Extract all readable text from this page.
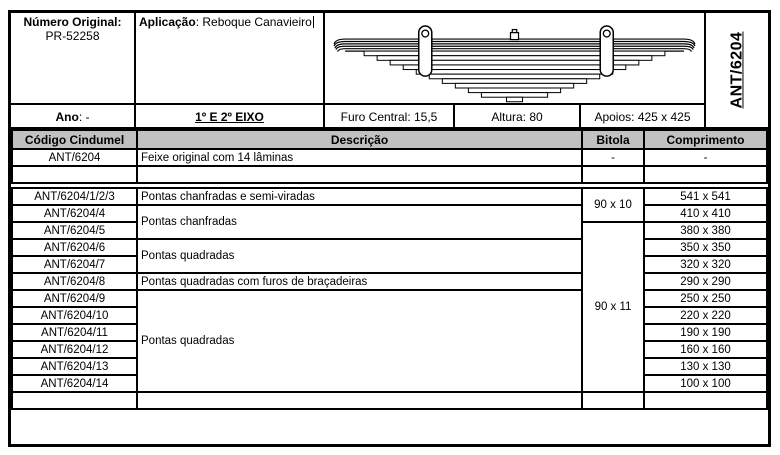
Número Original:
PR-52258
Aplicação: Reboque Canavieiro
Ano : -	1º E 2º EIXO	Furo Central: 15,5	Altura: 80	Apoios: 425 x 425
ANT/6204
Código Cindumel	Descrição	Bitola	Comprimento
ANT/6204	Feixe original com 14 lâminas	-	-

ANT/6204/1/2/3	Pontas chanfradas e semi-viradas	90 x 10	541 x 541
ANT/6204/4	Pontas chanfradas		410 x 410
ANT/6204/5		90 x 11	380 x 380
ANT/6204/6	Pontas quadradas		350 x 350
ANT/6204/7			320 x 320
ANT/6204/8	Pontas quadradas com furos de braçadeiras		290 x 290
ANT/6204/9	Pontas quadradas		250 x 250
ANT/6204/10			220 x 220
ANT/6204/11			190 x 190
ANT/6204/12			160 x 160
ANT/6204/13			130 x 130
ANT/6204/14			100 x 100
